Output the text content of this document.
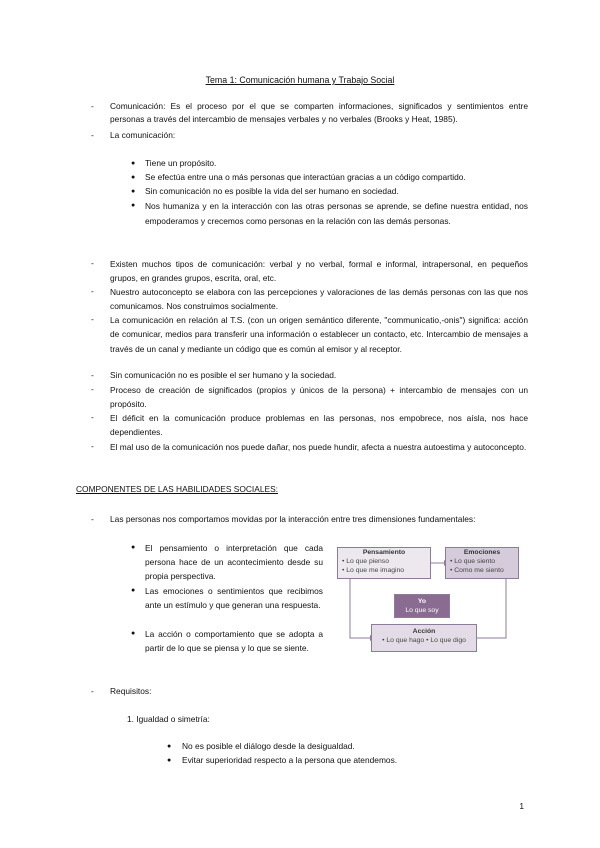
Tema 1: Comunicación humana y Trabajo Social
-	Comunicación: Es el proceso por el que se comparten informaciones, significados y sentimientos entre personas a través del intercambio de mensajes verbales y no verbales (Brooks y Heat, 1985).
-	La comunicación:
● Tiene un propósito.
● Se efectúa entre una o más personas que interactúan gracias a un código compartido.
● Sin comunicación no es posible la vida del ser humano en sociedad.
● Nos humaniza y en la interacción con las otras personas se aprende, se define nuestra entidad, nos empoderamos y crecemos como personas en la relación con las demás personas.
-	Existen muchos tipos de comunicación: verbal y no verbal, formal e informal, intrapersonal, en pequeños grupos, en grandes grupos, escrita, oral, etc.
-	Nuestro autoconcepto se elabora con las percepciones y valoraciones de las demás personas con las que nos comunicamos. Nos construimos socialmente.
-	La comunicación en relación al T.S. (con un origen semántico diferente, "communicatio,-onis") significa: acción de comunicar, medios para transferir una información o establecer un contacto, etc. Intercambio de mensajes a través de un canal y mediante un código que es común al emisor y al receptor.
-	Sin comunicación no es posible el ser humano y la sociedad.
-	Proceso de creación de significados (propios y únicos de la persona) + intercambio de mensajes con un propósito.
-	El déficit en la comunicación produce problemas en las personas, nos empobrece, nos aísla, nos hace dependientes.
-	El mal uso de la comunicación nos puede dañar, nos puede hundir, afecta a nuestra autoestima y autoconcepto.
COMPONENTES DE LAS HABILIDADES SOCIALES:
-	Las personas nos comportamos movidas por la interacción entre tres dimensiones fundamentales:
● El pensamiento o interpretación que cada persona hace de un acontecimiento desde su propia perspectiva.
● Las emociones o sentimientos que recibimos ante un estímulo y que generan una respuesta.
● La acción o comportamiento que se adopta a partir de lo que se piensa y lo que se siente.
Pensamiento
• Lo que pienso
• Lo que me imagino
Emociones
• Lo que siento
• Como me siento
Yo
Lo que soy
Acción
• Lo que hago • Lo que digo
-	Requisitos:
1. Igualdad o simetría:
● No es posible el diálogo desde la desigualdad.
● Evitar superioridad respecto a la persona que atendemos.
1
